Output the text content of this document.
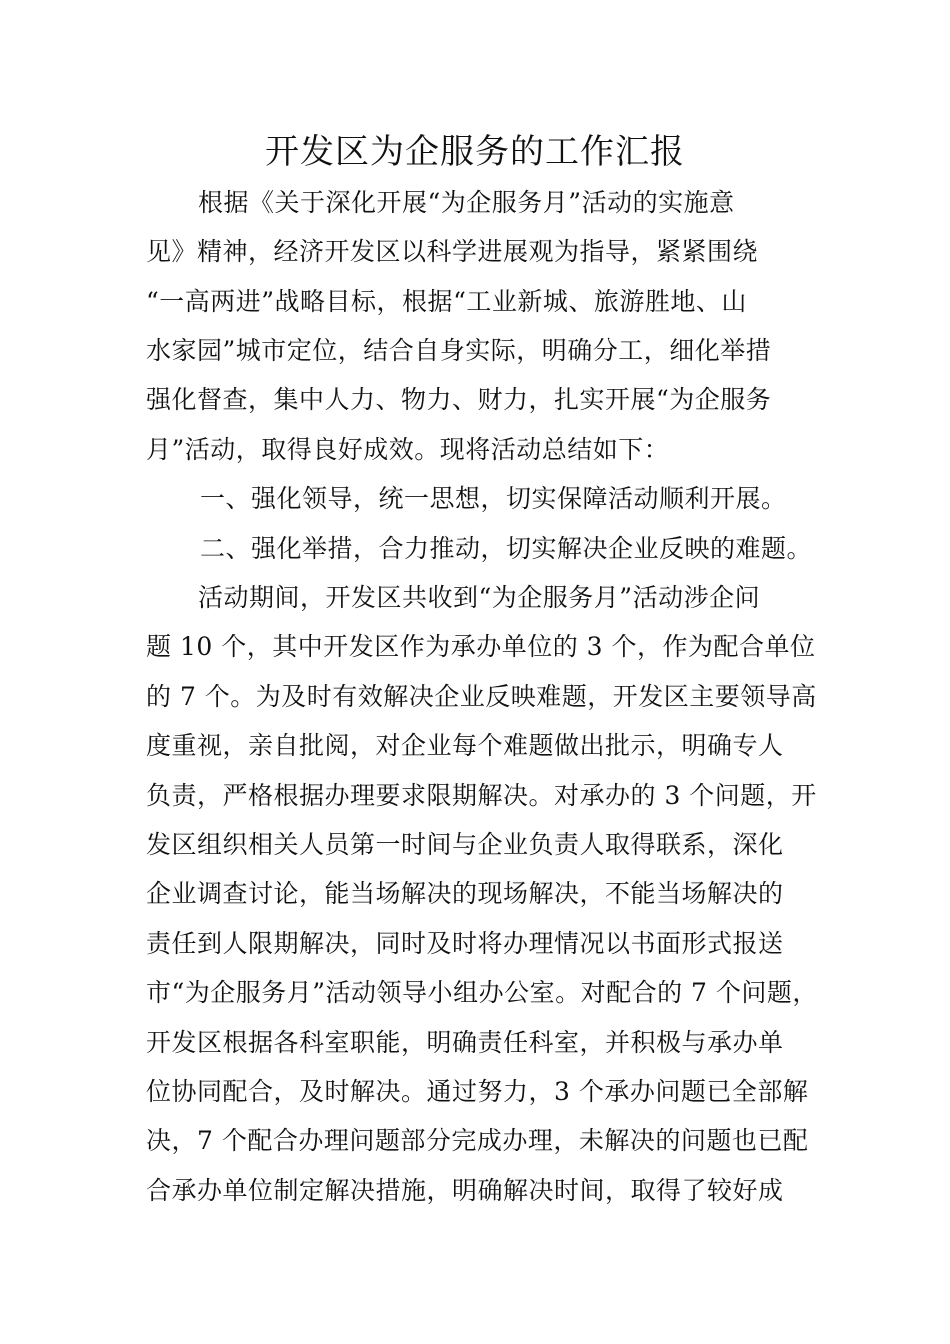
开发区为企服务的工作汇报
根据《关于深化开展“为企服务月”活动的实施意
见》精神，经济开发区以科学进展观为指导，紧紧围绕
“一高两进”战略目标，根据“工业新城、旅游胜地、山
水家园”城市定位，结合自身实际，明确分工，细化举措
强化督查，集中人力、物力、财力，扎实开展“为企服务
月”活动，取得良好成效。现将活动总结如下：
一、强化领导，统一思想，切实保障活动顺利开展。
二、强化举措，合力推动，切实解决企业反映的难题。
活动期间，开发区共收到“为企服务月”活动涉企问
题 10 个，其中开发区作为承办单位的 3 个，作为配合单位
的 7 个。为及时有效解决企业反映难题，开发区主要领导高
度重视，亲自批阅，对企业每个难题做出批示，明确专人
负责，严格根据办理要求限期解决。对承办的 3 个问题，开
发区组织相关人员第一时间与企业负责人取得联系，深化
企业调查讨论，能当场解决的现场解决，不能当场解决的
责任到人限期解决，同时及时将办理情况以书面形式报送
市“为企服务月”活动领导小组办公室。对配合的 7 个问题，
开发区根据各科室职能，明确责任科室，并积极与承办单
位协同配合，及时解决。通过努力，3 个承办问题已全部解
决，7 个配合办理问题部分完成办理，未解决的问题也已配
合承办单位制定解决措施，明确解决时间，取得了较好成
